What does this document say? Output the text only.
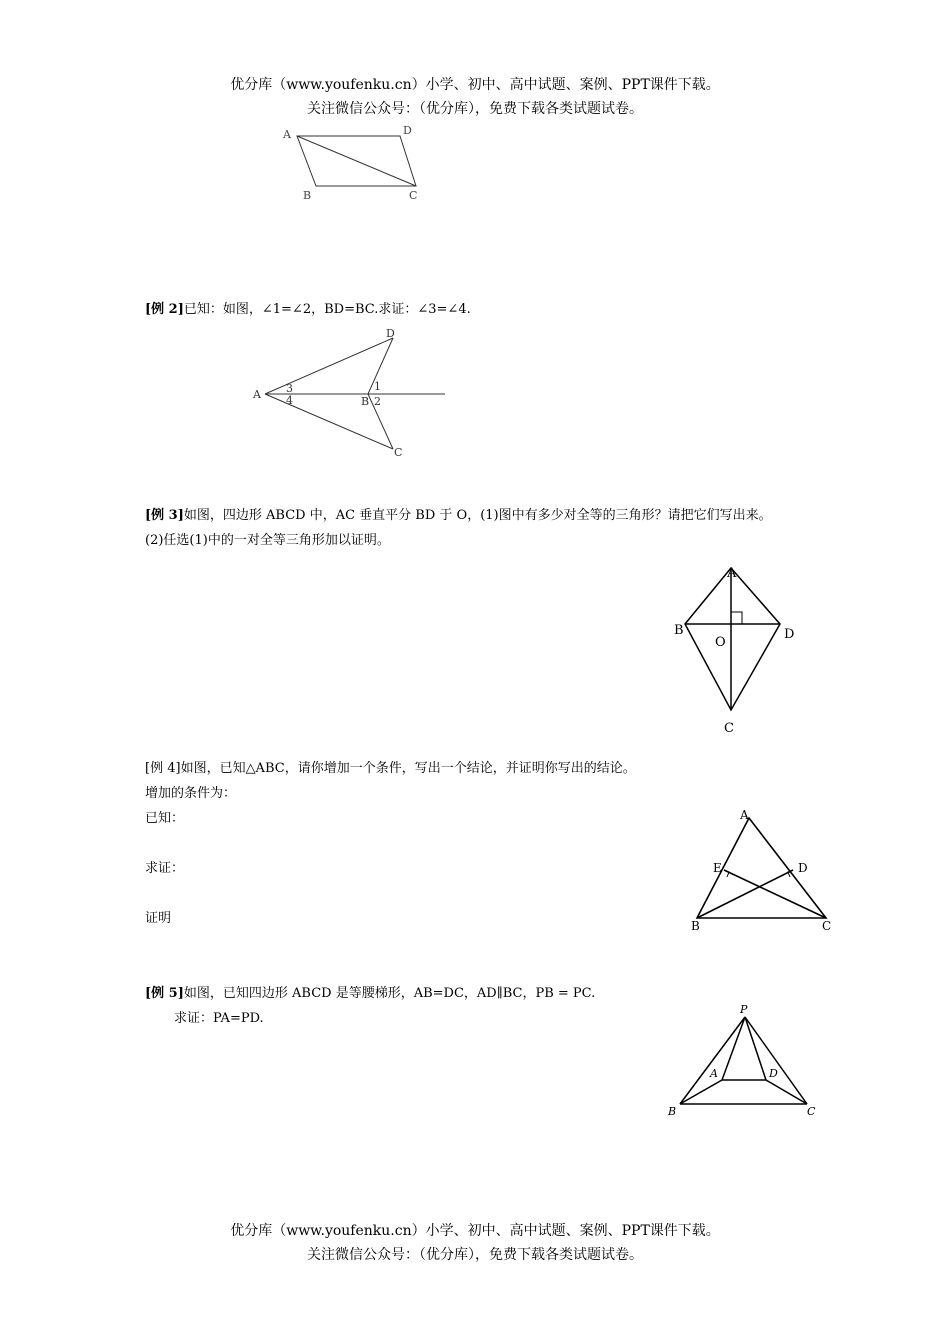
优分库（www.youfenku.cn）小学、初中、高中试题、案例、PPT课件下载。
关注微信公众号：（优分库），免费下载各类试题试卷。
A	D
B	C
[例 2]已知：如图，∠1=∠2，BD=BC.求证：∠3=∠4.
D
A
B
C
3
4
1
2
[例 3]如图，四边形 ABCD 中，AC 垂直平分 BD 于 O，(1)图中有多少对全等的三角形？请把它们写出来。
(2)任选(1)中的一对全等三角形加以证明。
A
B	D
O
C
[例 4]如图，已知△ABC，请你增加一个条件，写出一个结论，并证明你写出的结论。
增加的条件为：
已知：
求证：
证明
A
E	D
B	C
[例 5]如图，已知四边形 ABCD 是等腰梯形，AB=DC，AD∥BC，PB = PC.
求证：PA=PD.
P
A	D
B	C
优分库（www.youfenku.cn）小学、初中、高中试题、案例、PPT课件下载。
关注微信公众号：（优分库），免费下载各类试题试卷。
